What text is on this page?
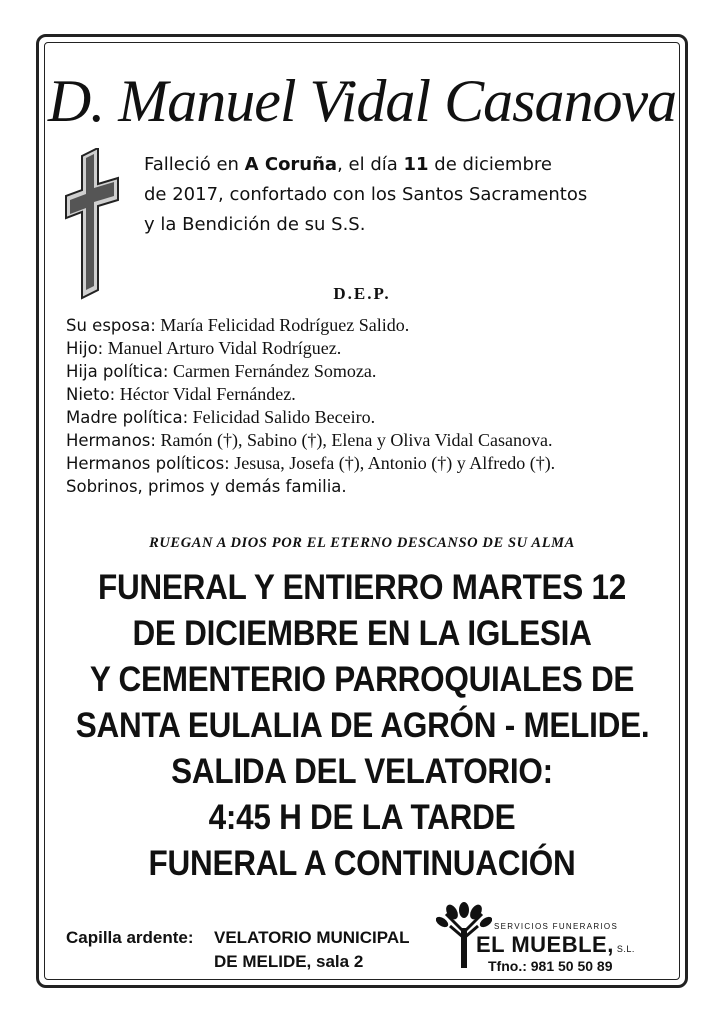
D. Manuel Vidal Casanova
Falleció en A Coruña, el día 11 de diciembre
de 2017, confortado con los Santos Sacramentos
y la Bendición de su S.S.
D.E.P.
Su esposa: María Felicidad Rodríguez Salido.
Hijo: Manuel Arturo Vidal Rodríguez.
Hija política: Carmen Fernández Somoza.
Nieto: Héctor Vidal Fernández.
Madre política: Felicidad Salido Beceiro.
Hermanos: Ramón (†), Sabino (†), Elena y Oliva Vidal Casanova.
Hermanos políticos: Jesusa, Josefa (†), Antonio (†) y Alfredo (†).
Sobrinos, primos y demás familia.
RUEGAN A DIOS POR EL ETERNO DESCANSO DE SU ALMA
FUNERAL Y ENTIERRO MARTES 12
DE DICIEMBRE EN LA IGLESIA
Y CEMENTERIO PARROQUIALES DE
SANTA EULALIA DE AGRÓN - MELIDE.
SALIDA DEL VELATORIO:
4:45 H DE LA TARDE
FUNERAL A CONTINUACIÓN
Capilla ardente:	VELATORIO MUNICIPAL
DE MELIDE, sala 2
SERVICIOS FUNERARIOS
EL MUEBLE, S.L.
Tfno.: 981 50 50 89
